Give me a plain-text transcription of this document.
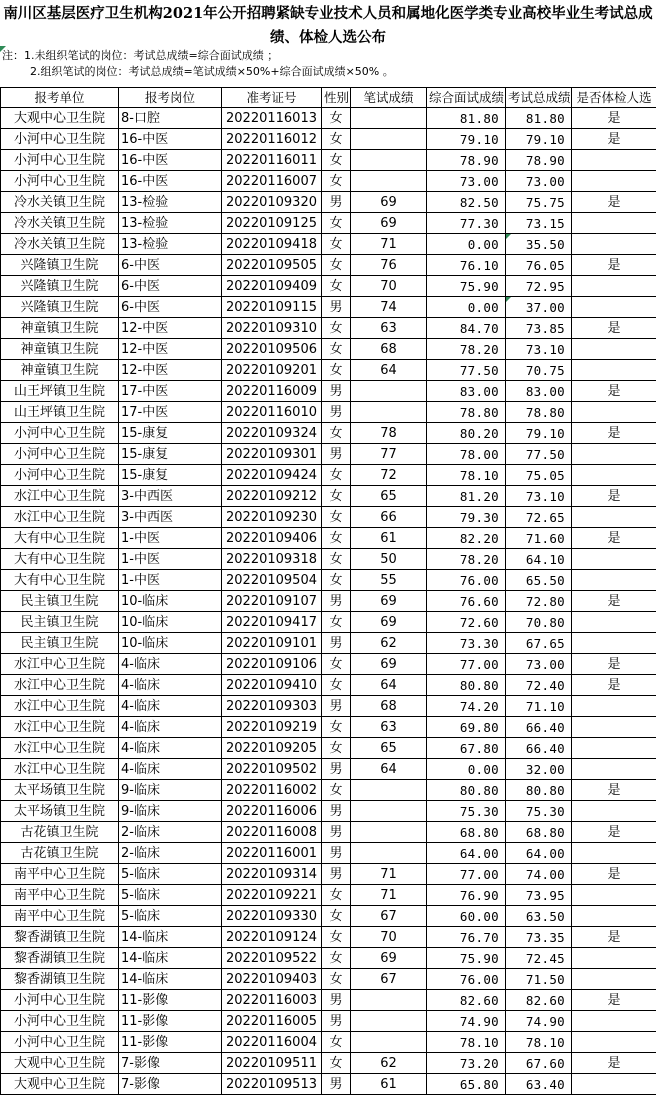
南川区基层医疗卫生机构2021年公开招聘紧缺专业技术人员和属地化医学类专业高校毕业生考试总成绩、体检人选公布
注：1.未组织笔试的岗位：考试总成绩=综合面试成绩 ；
2.组织笔试的岗位：考试总成绩=笔试成绩×50%+综合面试成绩×50% 。
报考单位	报考岗位	准考证号	性别	笔试成绩	综合面试成绩	考试总成绩	是否体检人选
大观中心卫生院	8-口腔	20220116013	女		81.80	81.80	是
小河中心卫生院	16-中医	20220116012	女		79.10	79.10	是
小河中心卫生院	16-中医	20220116011	女		78.90	78.90	
小河中心卫生院	16-中医	20220116007	女		73.00	73.00	
冷水关镇卫生院	13-检验	20220109320	男	69	82.50	75.75	是
冷水关镇卫生院	13-检验	20220109125	女	69	77.30	73.15	
冷水关镇卫生院	13-检验	20220109418	女	71	0.00	35.50

兴隆镇卫生院	6-中医	20220109505	女	76	76.10	76.05	是
兴隆镇卫生院	6-中医	20220109409	女	70	75.90	72.95	
兴隆镇卫生院	6-中医	20220109115	男	74	0.00	37.00

神童镇卫生院	12-中医	20220109310	女	63	84.70	73.85	是
神童镇卫生院	12-中医	20220109506	女	68	78.20	73.10	
神童镇卫生院	12-中医	20220109201	女	64	77.50	70.75	
山王坪镇卫生院	17-中医	20220116009	男		83.00	83.00	是
山王坪镇卫生院	17-中医	20220116010	男		78.80	78.80	
小河中心卫生院	15-康复	20220109324	女	78	80.20	79.10	是
小河中心卫生院	15-康复	20220109301	男	77	78.00	77.50	
小河中心卫生院	15-康复	20220109424	女	72	78.10	75.05	
水江中心卫生院	3-中西医	20220109212	女	65	81.20	73.10	是
水江中心卫生院	3-中西医	20220109230	女	66	79.30	72.65	
大有中心卫生院	1-中医	20220109406	女	61	82.20	71.60	是
大有中心卫生院	1-中医	20220109318	女	50	78.20	64.10	
大有中心卫生院	1-中医	20220109504	女	55	76.00	65.50	
民主镇卫生院	10-临床	20220109107	男	69	76.60	72.80	是
民主镇卫生院	10-临床	20220109417	女	69	72.60	70.80	
民主镇卫生院	10-临床	20220109101	男	62	73.30	67.65	
水江中心卫生院	4-临床	20220109106	女	69	77.00	73.00	是
水江中心卫生院	4-临床	20220109410	女	64	80.80	72.40	是
水江中心卫生院	4-临床	20220109303	男	68	74.20	71.10	
水江中心卫生院	4-临床	20220109219	女	63	69.80	66.40	
水江中心卫生院	4-临床	20220109205	女	65	67.80	66.40	
水江中心卫生院	4-临床	20220109502	男	64	0.00	32.00	
太平场镇卫生院	9-临床	20220116002	女		80.80	80.80	是
太平场镇卫生院	9-临床	20220116006	男		75.30	75.30	
古花镇卫生院	2-临床	20220116008	男		68.80	68.80	是
古花镇卫生院	2-临床	20220116001	男		64.00	64.00	
南平中心卫生院	5-临床	20220109314	男	71	77.00	74.00	是
南平中心卫生院	5-临床	20220109221	女	71	76.90	73.95	
南平中心卫生院	5-临床	20220109330	女	67	60.00	63.50	
黎香湖镇卫生院	14-临床	20220109124	女	70	76.70	73.35	是
黎香湖镇卫生院	14-临床	20220109522	女	69	75.90	72.45	
黎香湖镇卫生院	14-临床	20220109403	女	67	76.00	71.50	
小河中心卫生院	11-影像	20220116003	男		82.60	82.60	是
小河中心卫生院	11-影像	20220116005	男		74.90	74.90	
小河中心卫生院	11-影像	20220116004	女		78.10	78.10	
大观中心卫生院	7-影像	20220109511	女	62	73.20	67.60	是
大观中心卫生院	7-影像	20220109513	男	61	65.80	63.40	
